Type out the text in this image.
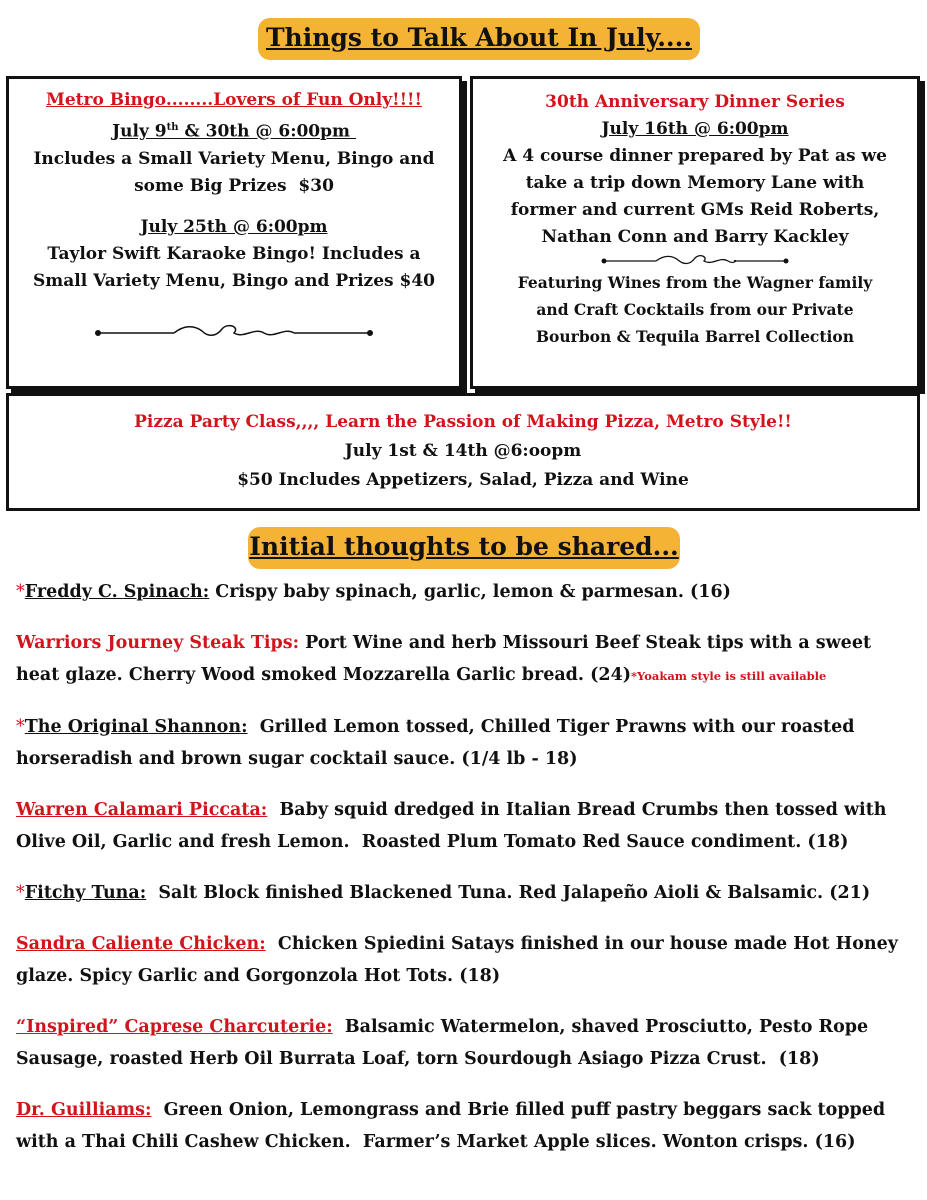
Things to Talk About In July....
Metro Bingo........Lovers of Fun Only!!!!
July 9th & 30th @ 6:00pm
Includes a Small Variety Menu, Bingo and
some Big Prizes  $30
July 25th @ 6:00pm
Taylor Swift Karaoke Bingo! Includes a
Small Variety Menu, Bingo and Prizes $40
30th Anniversary Dinner Series
July 16th @ 6:00pm
A 4 course dinner prepared by Pat as we
take a trip down Memory Lane with
former and current GMs Reid Roberts,
Nathan Conn and Barry Kackley
Featuring Wines from the Wagner family
and Craft Cocktails from our Private
Bourbon & Tequila Barrel Collection
Pizza Party Class,,,, Learn the Passion of Making Pizza, Metro Style!!
July 1st & 14th @6:oopm
$50 Includes Appetizers, Salad, Pizza and Wine
Initial thoughts to be shared...
*Freddy C. Spinach: Crispy baby spinach, garlic, lemon & parmesan. (16)
Warriors Journey Steak Tips: Port Wine and herb Missouri Beef Steak tips with a sweet
heat glaze. Cherry Wood smoked Mozzarella Garlic bread. (24)*Yoakam style is still available
*The Original Shannon:  Grilled Lemon tossed, Chilled Tiger Prawns with our roasted
horseradish and brown sugar cocktail sauce. (1/4 lb - 18)
Warren Calamari Piccata:  Baby squid dredged in Italian Bread Crumbs then tossed with
Olive Oil, Garlic and fresh Lemon.  Roasted Plum Tomato Red Sauce condiment. (18)
*Fitchy Tuna:  Salt Block finished Blackened Tuna. Red Jalapeño Aioli & Balsamic. (21)
Sandra Caliente Chicken:  Chicken Spiedini Satays finished in our house made Hot Honey
glaze. Spicy Garlic and Gorgonzola Hot Tots. (18)
“Inspired” Caprese Charcuterie:  Balsamic Watermelon, shaved Prosciutto, Pesto Rope
Sausage, roasted Herb Oil Burrata Loaf, torn Sourdough Asiago Pizza Crust.  (18)
Dr. Guilliams:  Green Onion, Lemongrass and Brie filled puff pastry beggars sack topped
with a Thai Chili Cashew Chicken.  Farmer’s Market Apple slices. Wonton crisps. (16)
